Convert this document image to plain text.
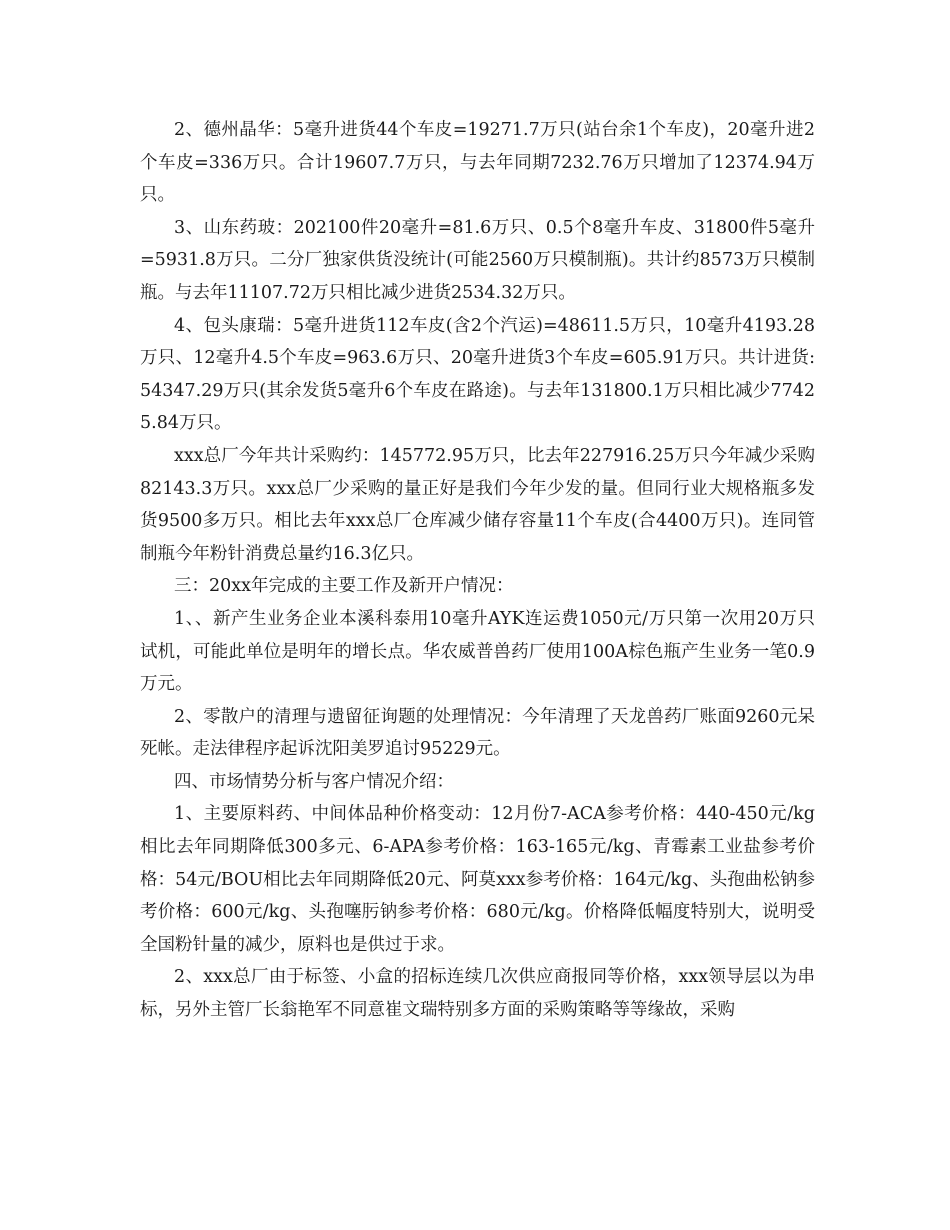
2、德州晶华：5毫升进货44个车皮=19271.7万只(站台余1个车皮)，20毫升进2个车皮=336万只。合计19607.7万只，与去年同期7232.76万只增加了12374.94万只。

3、山东药玻：202100件20毫升=81.6万只、0.5个8毫升车皮、31800件5毫升=5931.8万只。二分厂独家供货没统计(可能2560万只模制瓶)。共计约8573万只模制瓶。与去年11107.72万只相比减少进货2534.32万只。

4、包头康瑞：5毫升进货112车皮(含2个汽运)=48611.5万只，10毫升4193.28万只、12毫升4.5个车皮=963.6万只、20毫升进货3个车皮=605.91万只。共计进货:54347.29万只(其余发货5毫升6个车皮在路途)。与去年131800.1万只相比减少77425.84万只。

xxx总厂今年共计采购约：145772.95万只，比去年227916.25万只今年减少采购82143.3万只。xxx总厂少采购的量正好是我们今年少发的量。但同行业大规格瓶多发货9500多万只。相比去年xxx总厂仓库减少储存容量11个车皮(合4400万只)。连同管制瓶今年粉针消费总量约16.3亿只。

三：20xx年完成的主要工作及新开户情况：

1、、新产生业务企业本溪科泰用10毫升AYK连运费1050元/万只第一次用20万只试机，可能此单位是明年的增长点。华农威普兽药厂使用100A棕色瓶产生业务一笔0.9万元。

2、零散户的清理与遗留征询题的处理情况：今年清理了天龙兽药厂账面9260元呆死帐。走法律程序起诉沈阳美罗追讨95229元。

四、市场情势分析与客户情况介绍：

1、主要原料药、中间体品种价格变动：12月份7-ACA参考价格：440-450元/kg相比去年同期降低300多元、6-APA参考价格：163-165元/kg、青霉素工业盐参考价格：54元/BOU相比去年同期降低20元、阿莫xxx参考价格：164元/kg、头孢曲松钠参考价格：600元/kg、头孢噻肟钠参考价格：680元/kg。价格降低幅度特别大，说明受全国粉针量的减少，原料也是供过于求。

2、xxx总厂由于标签、小盒的招标连续几次供应商报同等价格，xxx领导层以为串标，另外主管厂长翁艳军不同意崔文瑞特别多方面的采购策略等等缘故，采购
